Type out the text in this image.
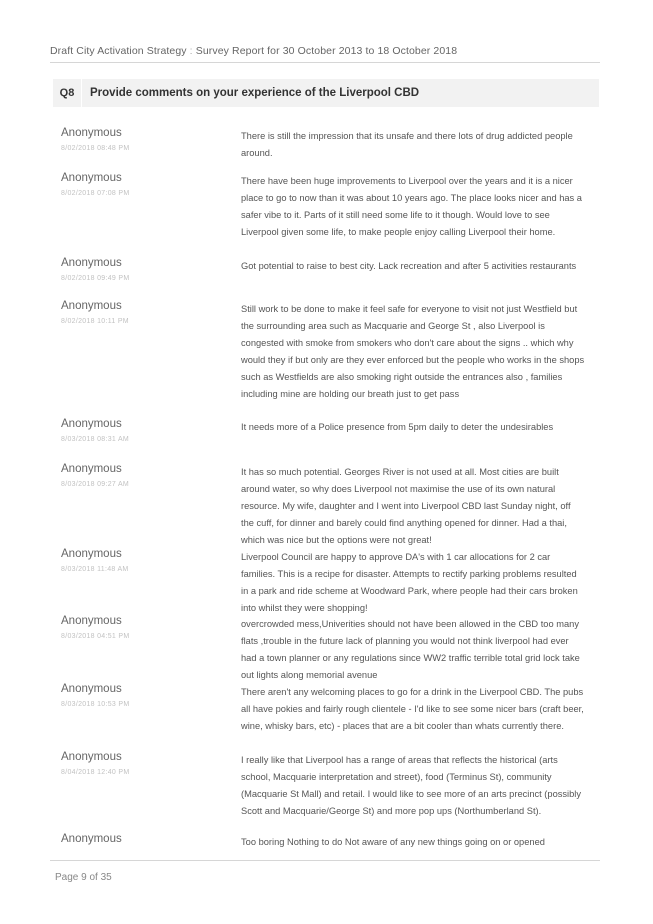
Draft City Activation Strategy : Survey Report for 30 October 2013 to 18 October 2018
Q8	Provide comments on your experience of the Liverpool CBD
Anonymous
8/02/2018 08:48 PM

There is still the impression that its unsafe and there lots of drug addicted people around.

Anonymous
8/02/2018 07:08 PM

There have been huge improvements to Liverpool over the years and it is a nicer place to go to now than it was about 10 years ago. The place looks nicer and has a safer vibe to it. Parts of it still need some life to it though. Would love to see Liverpool given some life, to make people enjoy calling Liverpool their home.

Anonymous
8/02/2018 09:49 PM

Got potential to raise to best city. Lack recreation and after 5 activities restaurants

Anonymous
8/02/2018 10:11 PM

Still work to be done to make it feel safe for everyone to visit not just Westfield but the surrounding area such as Macquarie and George St , also Liverpool is congested with smoke from smokers who don't care about the signs .. which why would they if but only are they ever enforced but the people who works in the shops such as Westfields are also smoking right outside the entrances also , families including mine are holding our breath just to get pass

Anonymous
8/03/2018 08:31 AM

It needs more of a Police presence from 5pm daily to deter the undesirables

Anonymous
8/03/2018 09:27 AM

It has so much potential. Georges River is not used at all. Most cities are built around water, so why does Liverpool not maximise the use of its own natural resource. My wife, daughter and I went into Liverpool CBD last Sunday night, off the cuff, for dinner and barely could find anything opened for dinner. Had a thai, which was nice but the options were not great!

Anonymous
8/03/2018 11:48 AM

Liverpool Council are happy to approve DA's with 1 car allocations for 2 car families. This is a recipe for disaster. Attempts to rectify parking problems resulted in a park and ride scheme at Woodward Park, where people had their cars broken into whilst they were shopping!

Anonymous
8/03/2018 04:51 PM

overcrowded mess,Univerities should not have been allowed in the CBD too many flats ,trouble in the future lack of planning you would not think liverpool had ever had a town planner or any regulations since WW2 traffic terrible total grid lock take out lights along memorial avenue

Anonymous
8/03/2018 10:53 PM

There aren't any welcoming places to go for a drink in the Liverpool CBD. The pubs all have pokies and fairly rough clientele - I'd like to see some nicer bars (craft beer, wine, whisky bars, etc) - places that are a bit cooler than whats currently there.

Anonymous
8/04/2018 12:40 PM

I really like that Liverpool has a range of areas that reflects the historical (arts school, Macquarie interpretation and street), food (Terminus St), community (Macquarie St Mall) and retail. I would like to see more of an arts precinct (possibly Scott and Macquarie/George St) and more pop ups (Northumberland St).

Anonymous	Too boring Nothing to do Not aware of any new things going on or opened

Page 9 of 35
